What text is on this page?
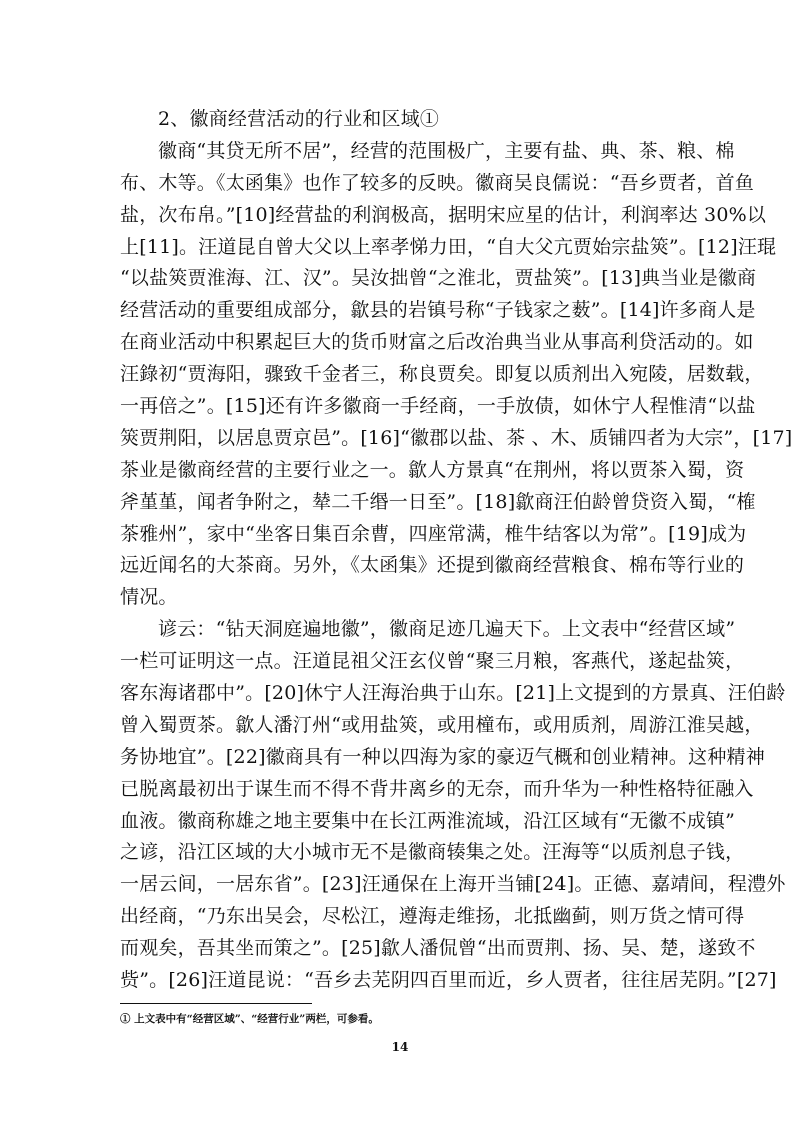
2、徽商经营活动的行业和区域①
徽商“其贷无所不居”，经营的范围极广，主要有盐、典、茶、粮、棉
布、木等。《太函集》也作了较多的反映。徽商吴良儒说：“吾乡贾者，首鱼
盐，次布帛。”[10]经营盐的利润极高，据明宋应星的估计，利润率达 30%以
上[11]。汪道昆自曾大父以上率孝悌力田，“自大父亢贾始宗盐筴”。[12]汪琨
“以盐筴贾淮海、江、汉”。吴汝拙曾“之淮北，贾盐筴”。[13]典当业是徽商
经营活动的重要组成部分，歙县的岩镇号称“子钱家之薮”。[14]许多商人是
在商业活动中积累起巨大的货币财富之后改治典当业从事高利贷活动的。如
汪錄初“贾海阳，骤致千金者三，称良贾矣。即复以质剂出入宛陵，居数载，
一再倍之”。[15]还有许多徽商一手经商，一手放债，如休宁人程惟清“以盐
筴贾荆阳，以居息贾京邑”。[16]“徽郡以盐、茶 、木、质铺四者为大宗”，[17]
茶业是徽商经营的主要行业之一。歙人方景真“在荆州，将以贾茶入蜀，资
斧堇堇，闻者争附之，辇二千缗一日至”。[18]歙商汪伯龄曾贷资入蜀，“榷
茶雅州”，家中“坐客日集百余曹，四座常满，椎牛结客以为常”。[19]成为
远近闻名的大茶商。另外，《太函集》还提到徽商经营粮食、棉布等行业的
情况。
谚云：“钻天洞庭遍地徽”，徽商足迹几遍天下。上文表中“经营区域”
一栏可证明这一点。汪道昆祖父汪玄仪曾“聚三月粮，客燕代，遂起盐筴，
客东海诸郡中”。[20]休宁人汪海治典于山东。[21]上文提到的方景真、汪伯龄
曾入蜀贾茶。歙人潘汀州“或用盐筴，或用橦布，或用质剂，周游江淮吴越，
务协地宜”。[22]徽商具有一种以四海为家的豪迈气概和创业精神。这种精神
已脱离最初出于谋生而不得不背井离乡的无奈，而升华为一种性格特征融入
血液。徽商称雄之地主要集中在长江两淮流域，沿江区域有“无徽不成镇”
之谚，沿江区域的大小城市无不是徽商辏集之处。汪海等“以质剂息子钱，
一居云间，一居东省”。[23]汪通保在上海开当铺[24]。正德、嘉靖间，程澧外
出经商，“乃东出吴会，尽松江，遵海走维扬，北抵幽蓟，则万货之情可得
而观矣，吾其坐而策之”。[25]歙人潘侃曾“出而贾荆、扬、吴、楚，遂致不
赀”。[26]汪道昆说：“吾乡去芜阴四百里而近，乡人贾者，往往居芜阴。”[27]
① 上文表中有“经营区域”、“经营行业”两栏，可参看。
14
